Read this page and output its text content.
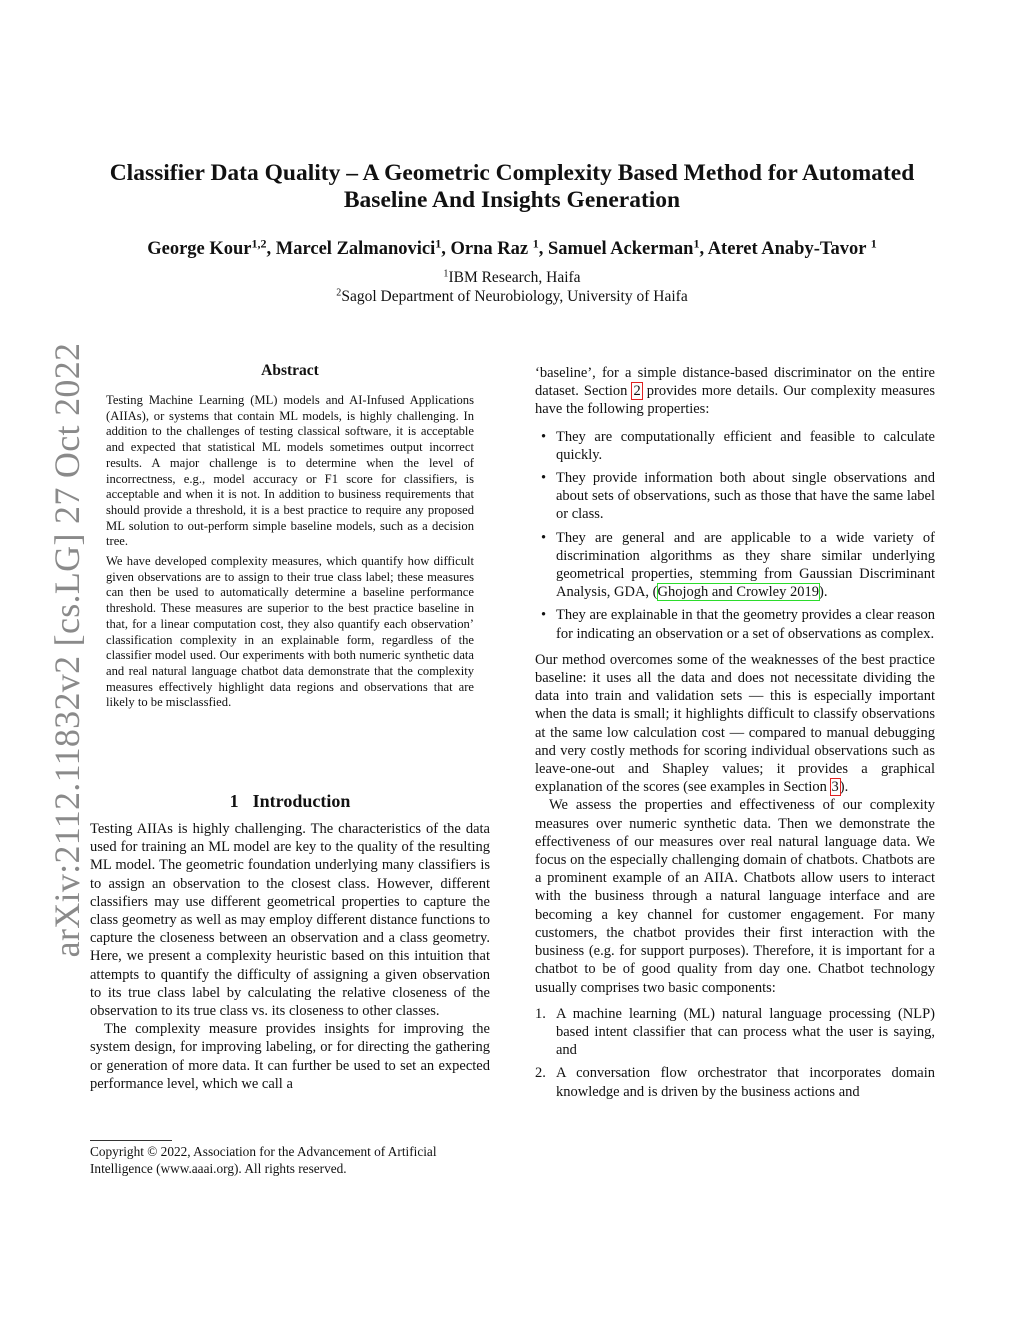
arXiv:2112.11832v2 [cs.LG] 27 Oct 2022
Classifier Data Quality – A Geometric Complexity Based Method for Automated Baseline And Insights Generation
George Kour$^{1,2}$, Marcel Zalmanovici$^1$, Orna Raz $^1$, Samuel Ackerman$^1$, Ateret Anaby-Tavor $^1$
$^1$IBM Research, Haifa
$^2$Sagol Department of Neurobiology, University of Haifa
Abstract

Testing Machine Learning (ML) models and AI-Infused Applications (AIIAs), or systems that contain ML models, is highly challenging. In addition to the challenges of testing classical software, it is acceptable and expected that statistical ML models sometimes output incorrect results. A major challenge is to determine when the level of incorrectness, e.g., model accuracy or F1 score for classifiers, is acceptable and when it is not. In addition to business requirements that should provide a threshold, it is a best practice to require any proposed ML solution to out-perform simple baseline models, such as a decision tree.

We have developed complexity measures, which quantify how difficult given observations are to assign to their true class label; these measures can then be used to automatically determine a baseline performance threshold. These measures are superior to the best practice baseline in that, for a linear computation cost, they also quantify each observation’ classification complexity in an explainable form, regardless of the classifier model used. Our experiments with both numeric synthetic data and real natural language chatbot data demonstrate that the complexity measures effectively highlight data regions and observations that are likely to be misclassfied.

1 Introduction

Testing AIIAs is highly challenging. The characteristics of the data used for training an ML model are key to the quality of the resulting ML model. The geometric foundation underlying many classifiers is to assign an observation to the closest class. However, different classifiers may use different geometrical properties to capture the class geometry as well as may employ different distance functions to capture the closeness between an observation and a class geometry. Here, we present a complexity heuristic based on this intuition that attempts to quantify the difficulty of assigning a given observation to its true class label by calculating the relative closeness of the observation to its true class vs. its closeness to other classes.

The complexity measure provides insights for improving the system design, for improving labeling, or for directing the gathering or generation of more data. It can further be used to set an expected performance level, which we call a

Copyright © 2022, Association for the Advancement of Artificial Intelligence (www.aaai.org). All rights reserved.

‘baseline’, for a simple distance-based discriminator on the entire dataset. Section 2 provides more details. Our complexity measures have the following properties:

• They are computationally efficient and feasible to calculate quickly.
• They provide information both about single observations and about sets of observations, such as those that have the same label or class.
• They are general and are applicable to a wide variety of discrimination algorithms as they share similar underlying geometrical properties, stemming from Gaussian Discriminant Analysis, GDA, (Ghojogh and Crowley 2019).
• They are explainable in that the geometry provides a clear reason for indicating an observation or a set of observations as complex.

Our method overcomes some of the weaknesses of the best practice baseline: it uses all the data and does not necessitate dividing the data into train and validation sets — this is especially important when the data is small; it highlights difficult to classify observations at the same low calculation cost — compared to manual debugging and very costly methods for scoring individual observations such as leave-one-out and Shapley values; it provides a graphical explanation of the scores (see examples in Section 3).

We assess the properties and effectiveness of our complexity measures over numeric synthetic data. Then we demonstrate the effectiveness of our measures over real natural language data. We focus on the especially challenging domain of chatbots. Chatbots are a prominent example of an AIIA. Chatbots allow users to interact with the business through a natural language interface and are becoming a key channel for customer engagement. For many customers, the chatbot provides their first interaction with the business (e.g. for support purposes). Therefore, it is important for a chatbot to be of good quality from day one. Chatbot technology usually comprises two basic components:

1. A machine learning (ML) natural language processing (NLP) based intent classifier that can process what the user is saying, and
2. A conversation flow orchestrator that incorporates domain knowledge and is driven by the business actions and
